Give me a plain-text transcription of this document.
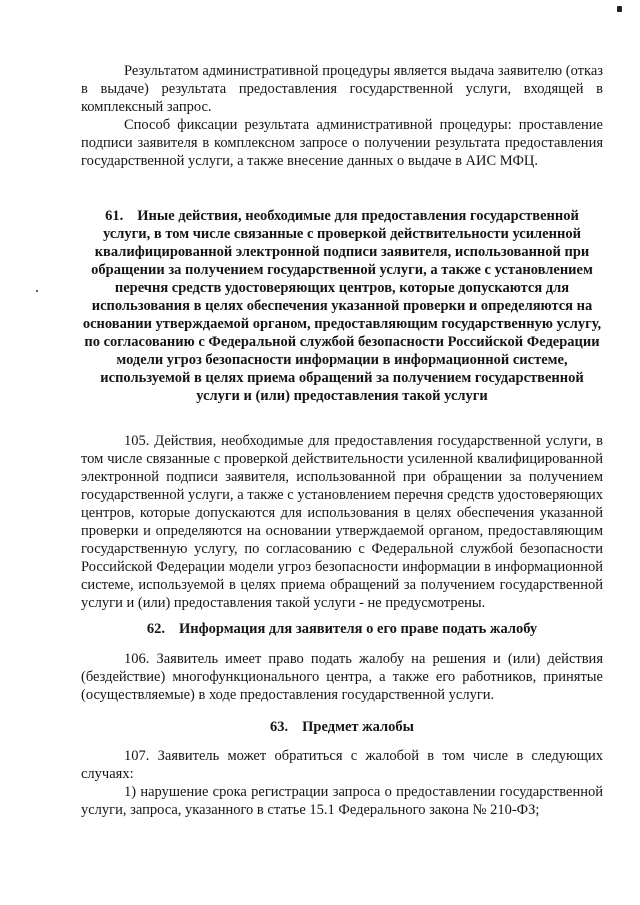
Результатом административной процедуры является выдача заявителю (отказ в выдаче) результата предоставления государственной услуги, входящей в комплексный запрос.

Способ фиксации результата административной процедуры: проставление подписи заявителя в комплексном запросе о получении результата предоставления государственной услуги, а также внесение данных о выдаче в АИС МФЦ.

61. Иные действия, необходимые для предоставления государственной услуги, в том числе связанные с проверкой действительности усиленной квалифицированной электронной подписи заявителя, использованной при обращении за получением государственной услуги, а также с установлением перечня средств удостоверяющих центров, которые допускаются для использования в целях обеспечения указанной проверки и определяются на основании утверждаемой органом, предоставляющим государственную услугу, по согласованию с Федеральной службой безопасности Российской Федерации модели угроз безопасности информации в информационной системе, используемой в целях приема обращений за получением государственной услуги и (или) предоставления такой услуги

105. Действия, необходимые для предоставления государственной услуги, в том числе связанные с проверкой действительности усиленной квалифицированной электронной подписи заявителя, использованной при обращении за получением государственной услуги, а также с установлением перечня средств удостоверяющих центров, которые допускаются для использования в целях обеспечения указанной проверки и определяются на основании утверждаемой органом, предоставляющим государственную услугу, по согласованию с Федеральной службой безопасности Российской Федерации модели угроз безопасности информации в информационной системе, используемой в целях приема обращений за получением государственной услуги и (или) предоставления такой услуги - не предусмотрены.

62. Информация для заявителя о его праве подать жалобу

106. Заявитель имеет право подать жалобу на решения и (или) действия (бездействие) многофункционального центра, а также его работников, принятые (осуществляемые) в ходе предоставления государственной услуги.

63. Предмет жалобы

107. Заявитель может обратиться с жалобой в том числе в следующих случаях:

1) нарушение срока регистрации запроса о предоставлении государственной услуги, запроса, указанного в статье 15.1 Федерального закона № 210-ФЗ;
